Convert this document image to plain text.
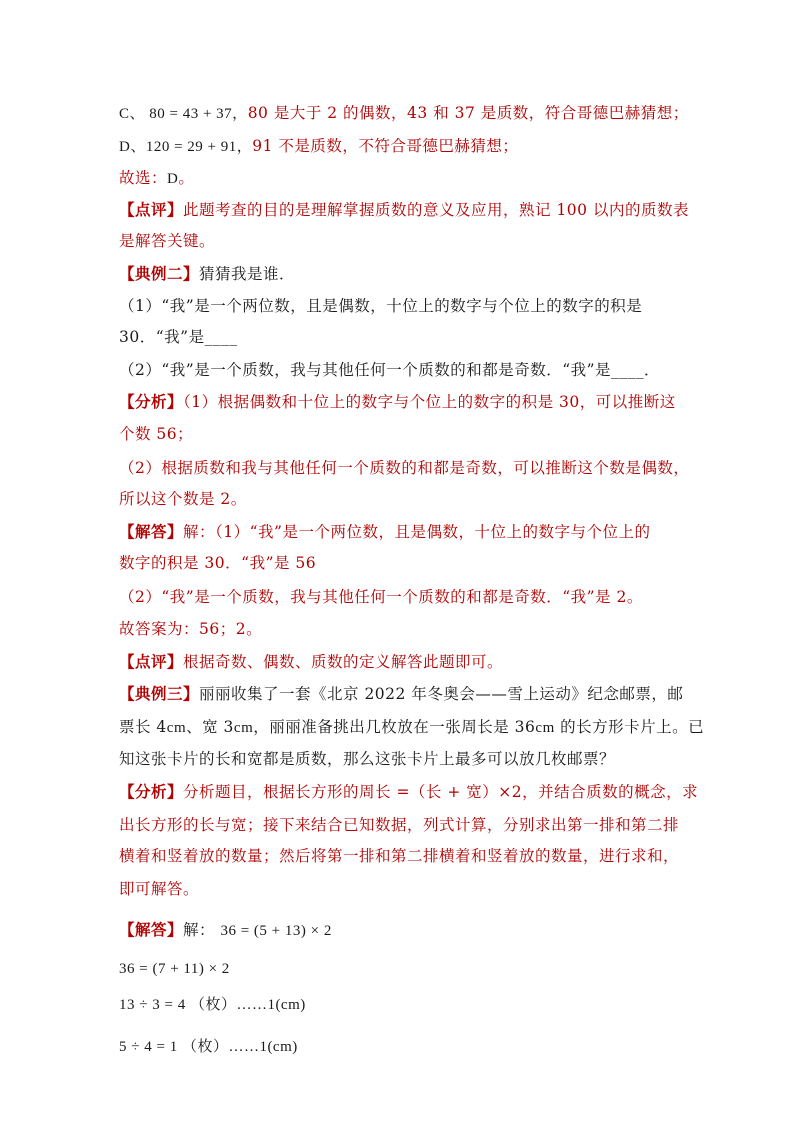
C、 80 = 43 + 37，80 是大于 2 的偶数，43 和 37 是质数，符合哥德巴赫猜想；
D、120 = 29 + 91，91 不是质数，不符合哥德巴赫猜想；
故选：D。
【点评】此题考查的目的是理解掌握质数的意义及应用，熟记 100 以内的质数表
是解答关键。
【典例二】猜猜我是谁．
（1）“我”是一个两位数，且是偶数，十位上的数字与个位上的数字的积是
30．“我”是____
（2）“我”是一个质数，我与其他任何一个质数的和都是奇数．“我”是____．
【分析】（1）根据偶数和十位上的数字与个位上的数字的积是 30，可以推断这
个数 56；
（2）根据质数和我与其他任何一个质数的和都是奇数，可以推断这个数是偶数，
所以这个数是 2。
【解答】解：（1）“我”是一个两位数，且是偶数，十位上的数字与个位上的
数字的积是 30．“我”是 56
（2）“我”是一个质数，我与其他任何一个质数的和都是奇数．“我”是 2。
故答案为：56；2。
【点评】根据奇数、偶数、质数的定义解答此题即可。
【典例三】丽丽收集了一套《北京 2022 年冬奥会——雪上运动》纪念邮票，邮
票长 4cm、宽 3cm，丽丽准备挑出几枚放在一张周长是 36cm 的长方形卡片上。已
知这张卡片的长和宽都是质数，那么这张卡片上最多可以放几枚邮票？
【分析】分析题目，根据长方形的周长 =（长 + 宽）×2，并结合质数的概念，求
出长方形的长与宽；接下来结合已知数据，列式计算，分别求出第一排和第二排
横着和竖着放的数量；然后将第一排和第二排横着和竖着放的数量，进行求和，
即可解答。
【解答】解： 36 = (5 + 13) × 2
36 = (7 + 11) × 2
13 ÷ 3 = 4 （枚）……1(cm)
5 ÷ 4 = 1 （枚）……1(cm)
